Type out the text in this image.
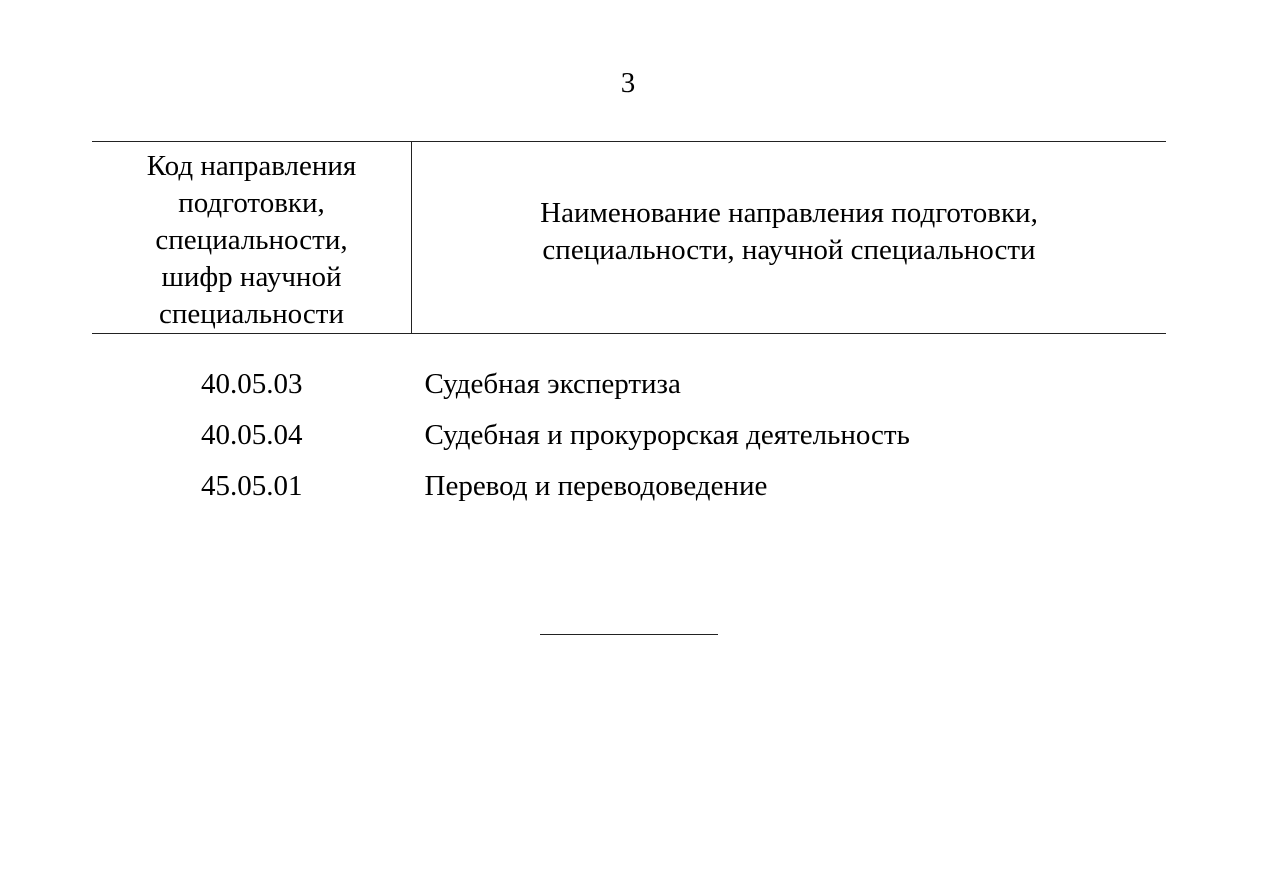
3
Код направления
подготовки,
специальности,
шифр научной
специальности	Наименование направления подготовки,
специальности, научной специальности

40.05.03	Судебная экспертиза
40.05.04	Судебная и прокурорская деятельность
45.05.01	Перевод и переводоведение
